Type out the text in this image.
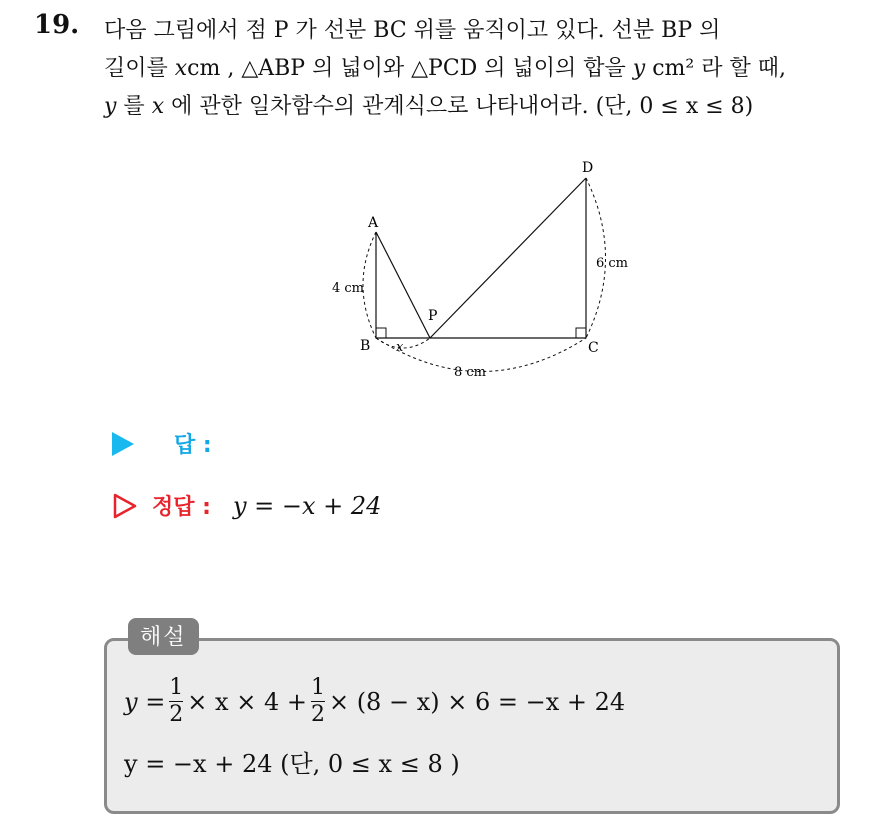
19. 다음 그림에서 점 P 가 선분 BC 위를 움직이고 있다. 선분 BP 의
길이를 xcm , △ABP 의 넓이와 △PCD 의 넓이의 합을 y cm² 라 할 때,
y 를 x 에 관한 일차함수의 관계식으로 나타내어라. (단, 0 ≤ x ≤ 8)
A
B	C
D
P
4 cm
6 cm
8 cm
x
답 :
정답 : y = −x + 24
해설
$y = \frac{1}{2} \times x \times 4 + \frac{1}{2} \times (8 - x) \times 6 = -x + 24$
y = −x + 24 (단, 0 ≤ x ≤ 8 )
